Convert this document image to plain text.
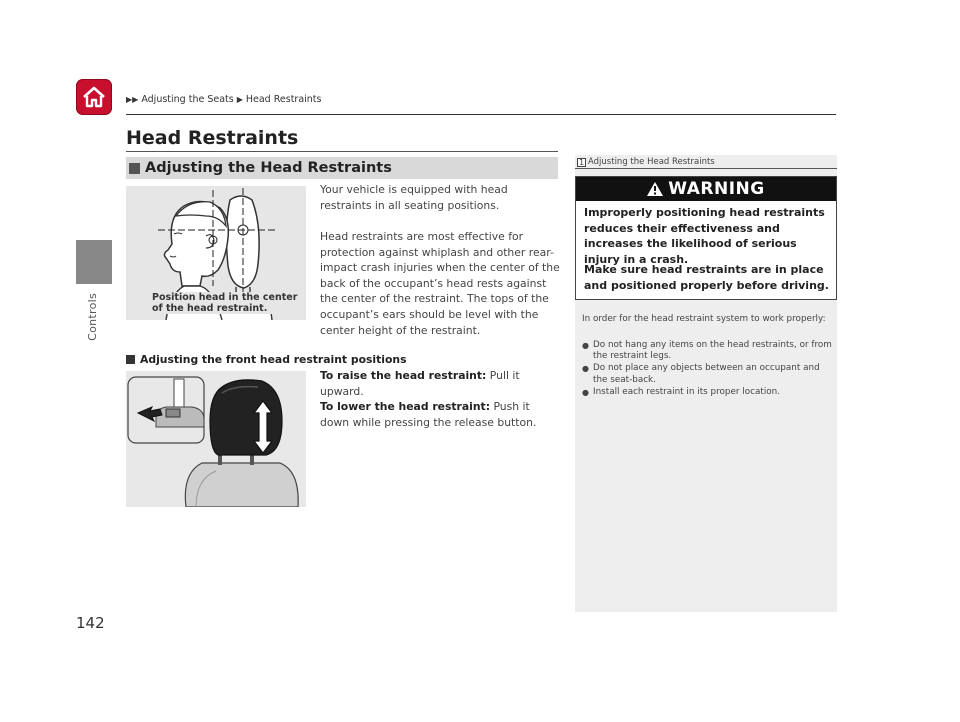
Controls
142
▶▶ Adjusting the Seats ▶ Head Restraints
Head Restraints
Adjusting the Head Restraints
Position head in the center
of the head restraint.
Your vehicle is equipped with head restraints in all seating positions.
Head restraints are most effective for protection against whiplash and other rear-impact crash injuries when the center of the back of the occupant’s head rests against the center of the restraint. The tops of the occupant’s ears should be level with the center height of the restraint.
Adjusting the front head restraint positions
To raise the head restraint: Pull it upward.
To lower the head restraint: Push it down while pressing the release button.
1 Adjusting the Head Restraints
WARNING
Improperly positioning head restraints reduces their effectiveness and increases the likelihood of serious injury in a crash.
Make sure head restraints are in place and positioned properly before driving.
In order for the head restraint system to work properly:
● Do not hang any items on the head restraints, or from the restraint legs.
● Do not place any objects between an occupant and the seat-back.
● Install each restraint in its proper location.
